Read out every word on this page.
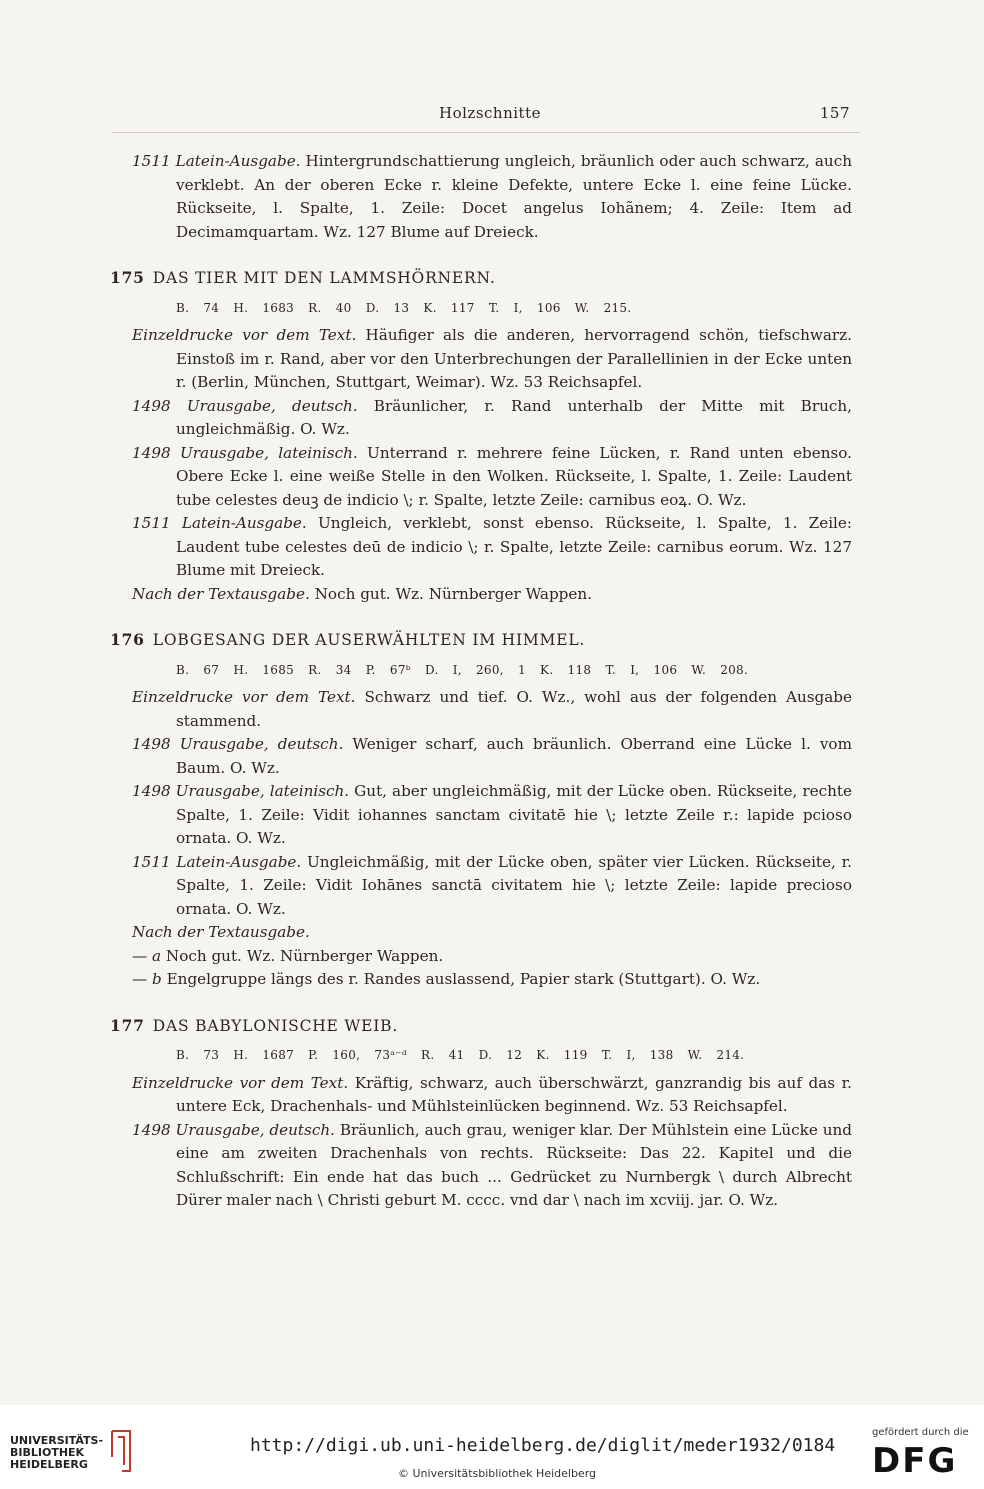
Holzschnitte	157

1511 Latein-Ausgabe. Hintergrundschattierung ungleich, bräunlich oder auch schwarz, auch verklebt. An der oberen Ecke r. kleine Defekte, untere Ecke l. eine feine Lücke. Rückseite, l. Spalte, 1. Zeile: Docet angelus Iohãnem; 4. Zeile: Item ad Decimamquartam. Wz. 127 Blume auf Dreieck.

175 DAS TIER MIT DEN LAMMSHÖRNERN.
B. 74 H. 1683 R. 40 D. 13 K. 117 T. I, 106 W. 215.

Einzeldrucke vor dem Text. Häufiger als die anderen, hervorragend schön, tiefschwarz. Einstoß im r. Rand, aber vor den Unterbrechungen der Parallellinien in der Ecke unten r. (Berlin, München, Stuttgart, Weimar). Wz. 53 Reichsapfel.

1498 Urausgabe, deutsch. Bräunlicher, r. Rand unterhalb der Mitte mit Bruch, ungleichmäßig. O. Wz.

1498 Urausgabe, lateinisch. Unterrand r. mehrere feine Lücken, r. Rand unten ebenso. Obere Ecke l. eine weiße Stelle in den Wolken. Rückseite, l. Spalte, 1. Zeile: Laudent tube celestes deuꝫ de indicio \; r. Spalte, letzte Zeile: carnibus eoꝝ. O. Wz.

1511 Latein-Ausgabe. Ungleich, verklebt, sonst ebenso. Rückseite, l. Spalte, 1. Zeile: Laudent tube celestes deū de indicio \; r. Spalte, letzte Zeile: carnibus eorum. Wz. 127 Blume mit Dreieck.

Nach der Textausgabe. Noch gut. Wz. Nürnberger Wappen.

176 LOBGESANG DER AUSERWÄHLTEN IM HIMMEL.
B. 67 H. 1685 R. 34 P. 67ᵇ D. I, 260, 1 K. 118 T. I, 106 W. 208.

Einzeldrucke vor dem Text. Schwarz und tief. O. Wz., wohl aus der folgenden Ausgabe stammend.

1498 Urausgabe, deutsch. Weniger scharf, auch bräunlich. Oberrand eine Lücke l. vom Baum. O. Wz.

1498 Urausgabe, lateinisch. Gut, aber ungleichmäßig, mit der Lücke oben. Rückseite, rechte Spalte, 1. Zeile: Vidit iohannes sanctam civitatē hie \; letzte Zeile r.: lapide pcioso ornata. O. Wz.

1511 Latein-Ausgabe. Ungleichmäßig, mit der Lücke oben, später vier Lücken. Rückseite, r. Spalte, 1. Zeile: Vidit Iohānes sanctā civitatem hie \; letzte Zeile: lapide precioso ornata. O. Wz.

Nach der Textausgabe.

— a Noch gut. Wz. Nürnberger Wappen.

— b Engelgruppe längs des r. Randes auslassend, Papier stark (Stuttgart). O. Wz.

177 DAS BABYLONISCHE WEIB.
B. 73 H. 1687 P. 160, 73ᵃ⁻ᵈ R. 41 D. 12 K. 119 T. I, 138 W. 214.

Einzeldrucke vor dem Text. Kräftig, schwarz, auch überschwärzt, ganzrandig bis auf das r. untere Eck, Drachenhals- und Mühlsteinlücken beginnend. Wz. 53 Reichsapfel.

1498 Urausgabe, deutsch. Bräunlich, auch grau, weniger klar. Der Mühlstein eine Lücke und eine am zweiten Drachenhals von rechts. Rückseite: Das 22. Kapitel und die Schlußschrift: Ein ende hat das buch ... Gedrücket zu Nurnbergk \ durch Albrecht Dürer maler nach \ Christi geburt M. cccc. vnd dar \ nach im xcviij. jar. O. Wz.

UNIVERSITÄTS-
BIBLIOTHEK
HEIDELBERG
http://digi.ub.uni-heidelberg.de/diglit/meder1932/0184
© Universitätsbibliothek Heidelberg
gefördert durch die
DFG
